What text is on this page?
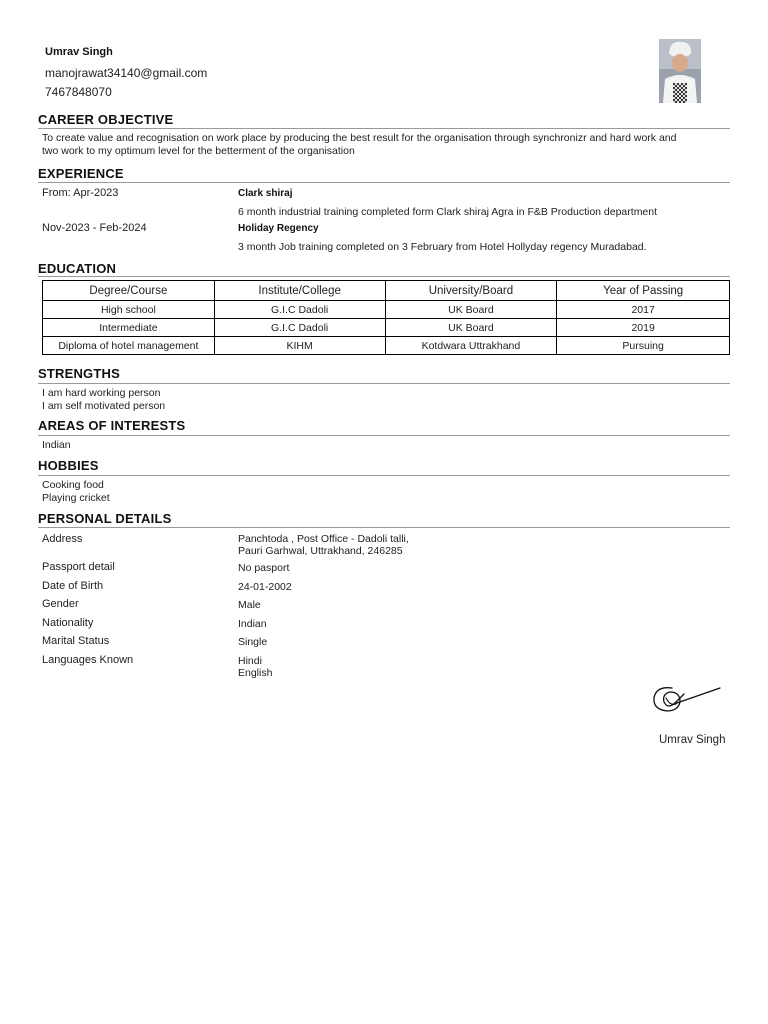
Umrav Singh
manojrawat34140@gmail.com
7467848070
CAREER OBJECTIVE
To create value and recognisation on work place by producing the best result for the organisation through synchronizr and hard work and
two work to my optimum level for the betterment of the organisation
EXPERIENCE
From: Apr-2023	Clark shiraj
6 month industrial training completed form Clark shiraj Agra in F&B Production department
Nov-2023 - Feb-2024	Holiday Regency
3 month Job training completed on 3 February from Hotel Hollyday regency Muradabad.
EDUCATION
Degree/Course	Institute/College	University/Board	Year of Passing
High school	G.I.C Dadoli	UK Board	2017
Intermediate	G.I.C Dadoli	UK Board	2019
Diploma of hotel management	KIHM	Kotdwara Uttrakhand	Pursuing
STRENGTHS
I am hard working person
I am self motivated person
AREAS OF INTERESTS
Indian
HOBBIES
Cooking food
Playing cricket
PERSONAL DETAILS
Address	Panchtoda , Post Office - Dadoli talli,
Pauri Garhwal, Uttrakhand, 246285
Passport detail	No pasport
Date of Birth	24-01-2002
Gender	Male
Nationality	Indian
Marital Status	Single
Languages Known	Hindi
English
Umrav Singh
